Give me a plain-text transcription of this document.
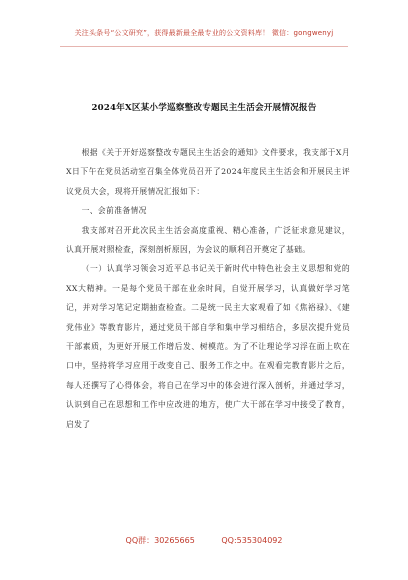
关注头条号“公文研究”，获得最新最全最专业的公文资料库！ 微信：gongwenyj
2024年X区某小学巡察整改专题民主生活会开展情况报告

根据《关于开好巡察整改专题民主生活会的通知》文件要求，我支部于X月X日下午在党员活动室召集全体党员召开了2024年度民主生活会和开展民主评议党员大会，现将开展情况汇报如下：

一、会前准备情况

我支部对召开此次民主生活会高度重视、精心准备，广泛征求意见建议，认真开展对照检查，深刻剖析原因，为会议的顺利召开奠定了基础。

（一）认真学习领会习近平总书记关于新时代中特色社会主义思想和党的XX大精神。一是每个党员干部在业余时间，自觉开展学习，认真做好学习笔记，并对学习笔记定期抽查检查。二是统一民主大家观看了如《焦裕禄》、《建党伟业》等教育影片，通过党员干部自学和集中学习相结合，多层次提升党员干部素质，为更好开展工作增后发、树模范。为了不让理论学习浮在面上吹在口中，坚持将学习应用于改变自己、服务工作之中。在观看完教育影片之后，每人还撰写了心得体会，将自己在学习中的体会进行深入剖析，并通过学习，认识到自己在思想和工作中应改进的地方，使广大干部在学习中接受了教育，启发了

QQ群：30265665	QQ:535304092
